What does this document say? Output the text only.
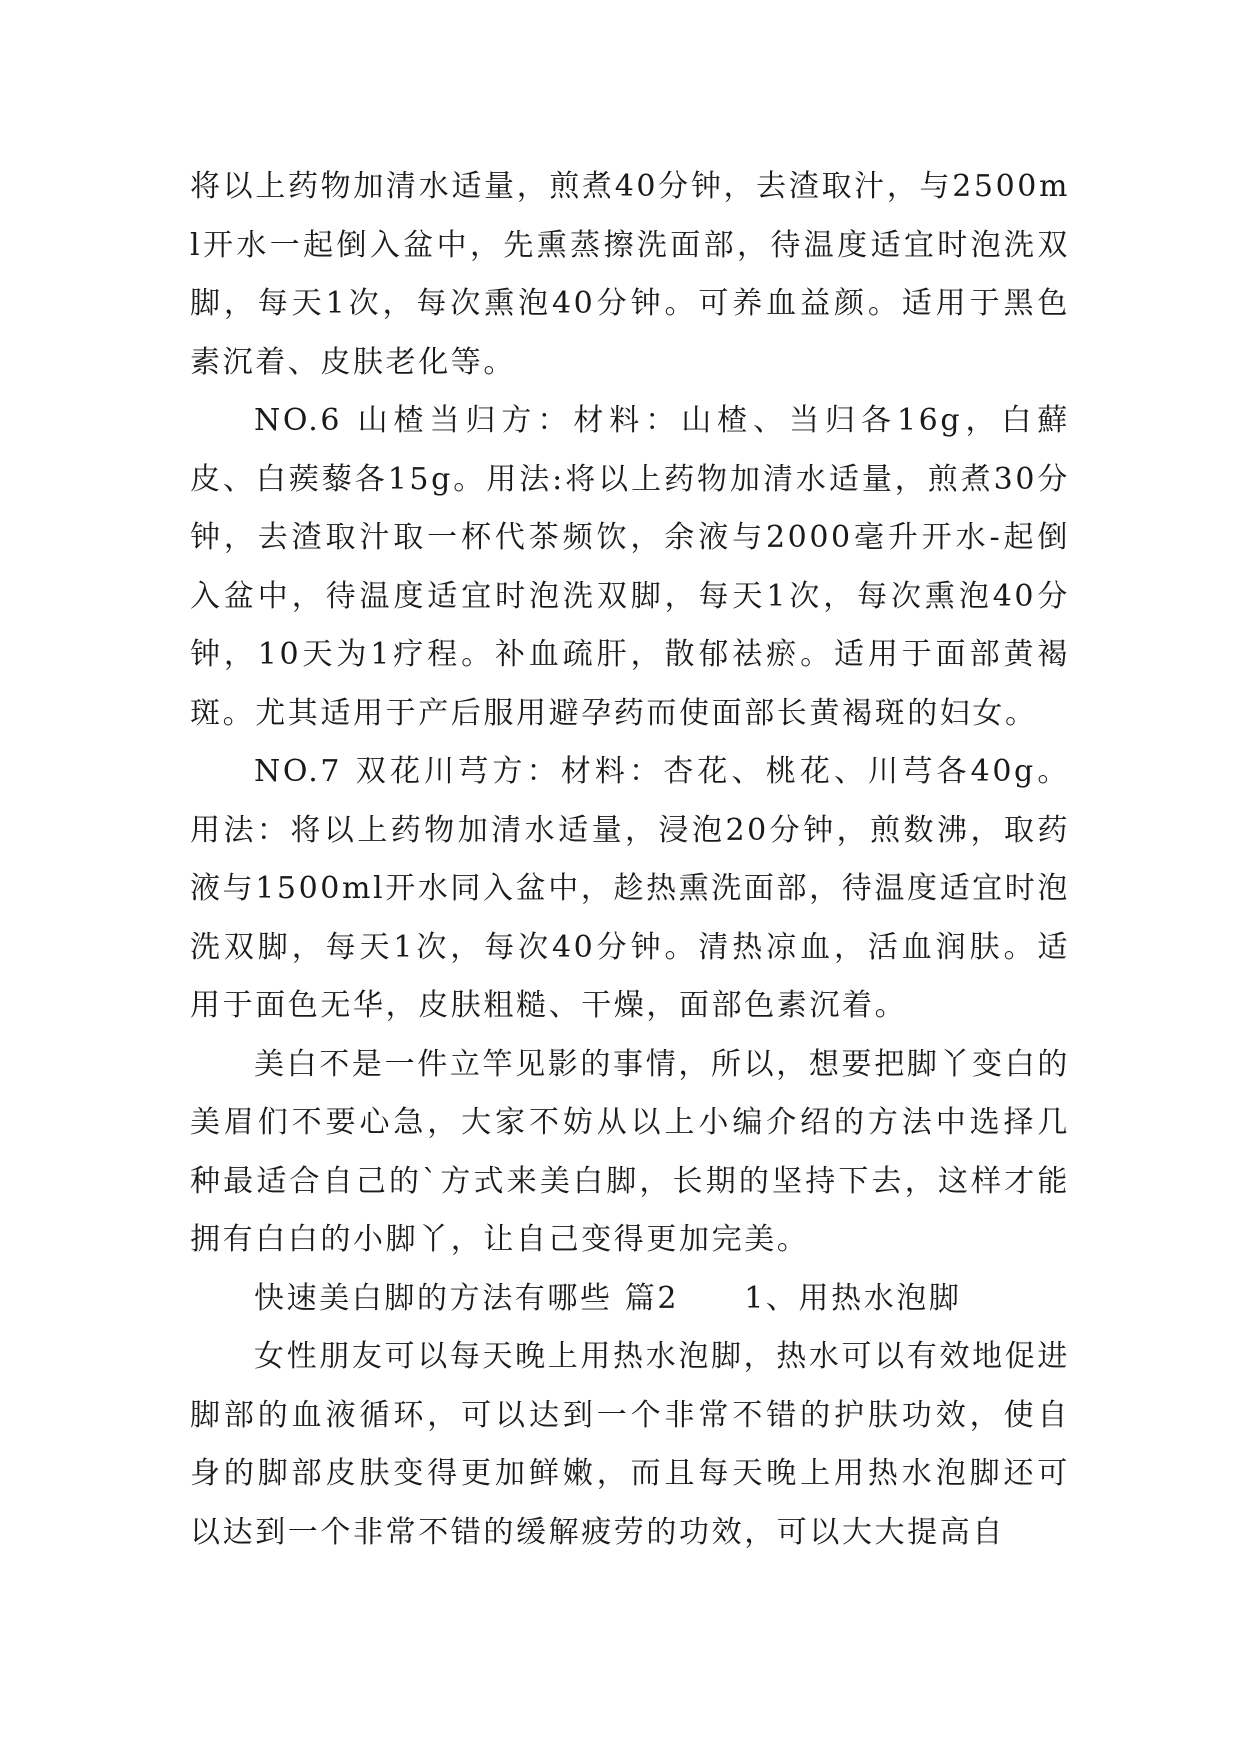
将以上药物加清水适量，煎煮40分钟，去渣取汁，与2500ml开水一起倒入盆中，先熏蒸擦洗面部，待温度适宜时泡洗双脚，每天1次，每次熏泡40分钟。可养血益颜。适用于黑色素沉着、皮肤老化等。

NO.6 山楂当归方：材料：山楂、当归各16g，白蘚皮、白蒺藜各15g。用法:将以上药物加清水适量，煎煮30分钟，去渣取汁取一杯代茶频饮，余液与2000毫升开水-起倒入盆中，待温度适宜时泡洗双脚，每天1次，每次熏泡40分钟，10天为1疗程。补血疏肝，散郁祛瘀。适用于面部黄褐斑。尤其适用于产后服用避孕药而使面部长黄褐斑的妇女。

NO.7 双花川芎方：材料：杏花、桃花、川芎各40g。用法：将以上药物加清水适量，浸泡20分钟，煎数沸，取药液与1500ml开水同入盆中，趁热熏洗面部，待温度适宜时泡洗双脚，每天1次，每次40分钟。清热凉血，活血润肤。适用于面色无华，皮肤粗糙、干燥，面部色素沉着。

美白不是一件立竿见影的事情，所以，想要把脚丫变白的美眉们不要心急，大家不妨从以上小编介绍的方法中选择几种最适合自己的`方式来美白脚，长期的坚持下去，这样才能拥有白白的小脚丫，让自己变得更加完美。

快速美白脚的方法有哪些 篇2　　1、用热水泡脚

女性朋友可以每天晚上用热水泡脚，热水可以有效地促进脚部的血液循环，可以达到一个非常不错的护肤功效，使自身的脚部皮肤变得更加鲜嫩，而且每天晚上用热水泡脚还可以达到一个非常不错的缓解疲劳的功效，可以大大提高自
